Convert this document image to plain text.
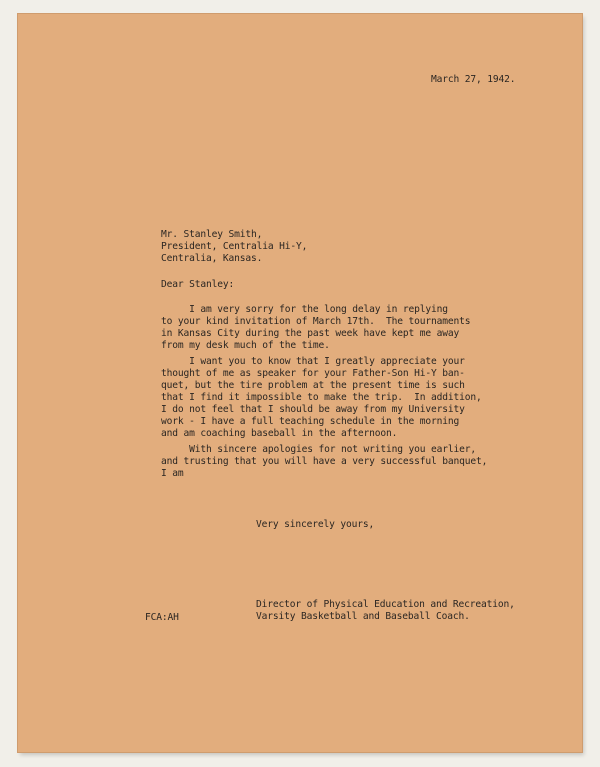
March 27, 1942.
Mr. Stanley Smith,
President, Centralia Hi-Y,
Centralia, Kansas.
Dear Stanley:
I am very sorry for the long delay in replying
to your kind invitation of March 17th.  The tournaments
in Kansas City during the past week have kept me away
from my desk much of the time.
I want you to know that I greatly appreciate your
thought of me as speaker for your Father-Son Hi-Y ban-
quet, but the tire problem at the present time is such
that I find it impossible to make the trip.  In addition,
I do not feel that I should be away from my University
work - I have a full teaching schedule in the morning
and am coaching baseball in the afternoon.
With sincere apologies for not writing you earlier,
and trusting that you will have a very successful banquet,
I am
Very sincerely yours,
Director of Physical Education and Recreation,
Varsity Basketball and Baseball Coach.
FCA:AH
